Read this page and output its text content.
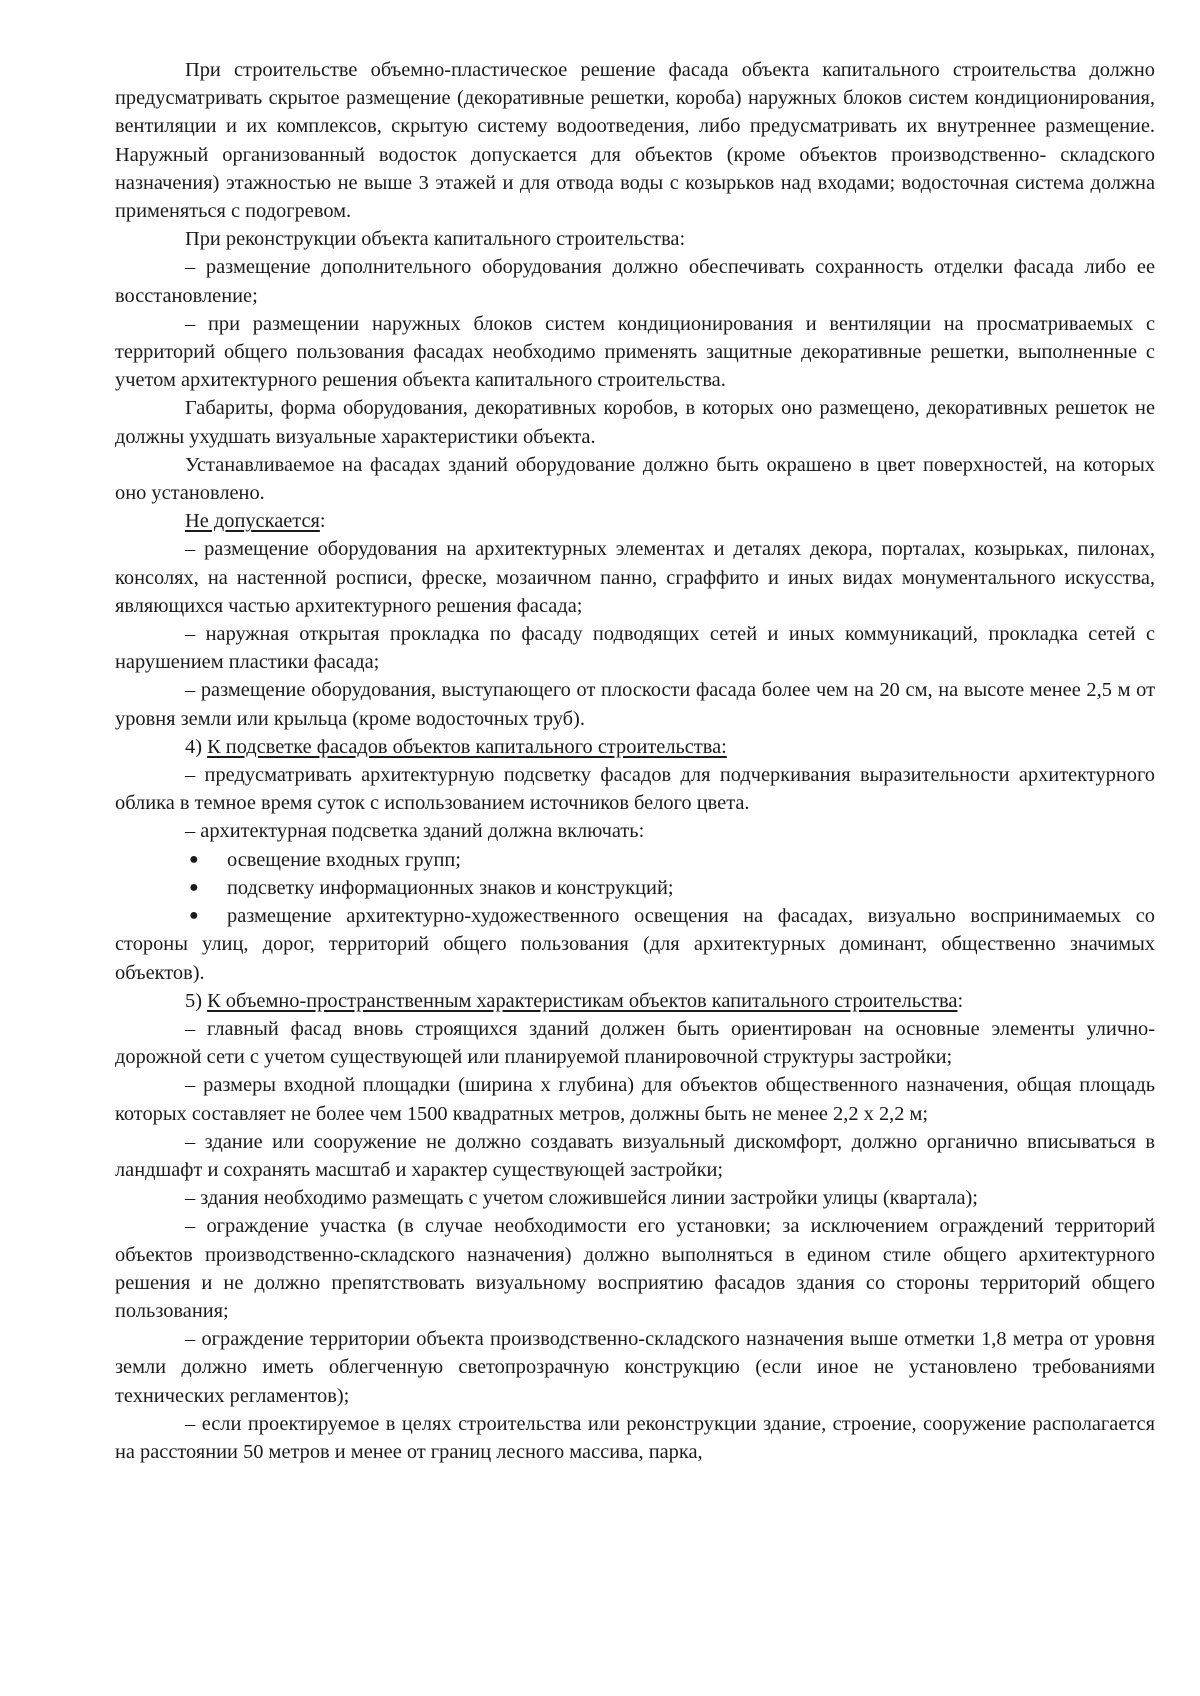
При строительстве объемно-пластическое решение фасада объекта капитального строительства должно предусматривать скрытое размещение (декоративные решетки, короба) наружных блоков систем кондиционирования, вентиляции и их комплексов, скрытую систему водоотведения, либо предусматривать их внутреннее размещение. Наружный организованный водосток допускается для объектов (кроме объектов производственно- складского назначения) этажностью не выше 3 этажей и для отвода воды с козырьков над входами; водосточная система должна применяться с подогревом.

При реконструкции объекта капитального строительства:

– размещение дополнительного оборудования должно обеспечивать сохранность отделки фасада либо ее восстановление;

– при размещении наружных блоков систем кондиционирования и вентиляции на просматриваемых с территорий общего пользования фасадах необходимо применять защитные декоративные решетки, выполненные с учетом архитектурного решения объекта капитального строительства.

Габариты, форма оборудования, декоративных коробов, в которых оно размещено, декоративных решеток не должны ухудшать визуальные характеристики объекта.

Устанавливаемое на фасадах зданий оборудование должно быть окрашено в цвет поверхностей, на которых оно установлено.

Не допускается:

– размещение оборудования на архитектурных элементах и деталях декора, порталах, козырьках, пилонах, консолях, на настенной росписи, фреске, мозаичном панно, сграффито и иных видах монументального искусства, являющихся частью архитектурного решения фасада;

– наружная открытая прокладка по фасаду подводящих сетей и иных коммуникаций, прокладка сетей с нарушением пластики фасада;

– размещение оборудования, выступающего от плоскости фасада более чем на 20 см, на высоте менее 2,5 м от уровня земли или крыльца (кроме водосточных труб).

4) К подсветке фасадов объектов капитального строительства:

– предусматривать архитектурную подсветку фасадов для подчеркивания выразительности архитектурного облика в темное время суток с использованием источников белого цвета.

– архитектурная подсветка зданий должна включать:

● освещение входных групп;

● подсветку информационных знаков и конструкций;

● размещение архитектурно-художественного освещения на фасадах, визуально воспринимаемых со стороны улиц, дорог, территорий общего пользования (для архитектурных доминант, общественно значимых объектов).

5) К объемно-пространственным характеристикам объектов капитального строительства:

– главный фасад вновь строящихся зданий должен быть ориентирован на основные элементы улично-дорожной сети с учетом существующей или планируемой планировочной структуры застройки;

– размеры входной площадки (ширина х глубина) для объектов общественного назначения, общая площадь которых составляет не более чем 1500 квадратных метров, должны быть не менее 2,2 х 2,2 м;

– здание или сооружение не должно создавать визуальный дискомфорт, должно органично вписываться в ландшафт и сохранять масштаб и характер существующей застройки;

– здания необходимо размещать с учетом сложившейся линии застройки улицы (квартала);

– ограждение участка (в случае необходимости его установки; за исключением ограждений территорий объектов производственно-складского назначения) должно выполняться в едином стиле общего архитектурного решения и не должно препятствовать визуальному восприятию фасадов здания со стороны территорий общего пользования;

– ограждение территории объекта производственно-складского назначения выше отметки 1,8 метра от уровня земли должно иметь облегченную светопрозрачную конструкцию (если иное не установлено требованиями технических регламентов);

– если проектируемое в целях строительства или реконструкции здание, строение, сооружение располагается на расстоянии 50 метров и менее от границ лесного массива, парка,
